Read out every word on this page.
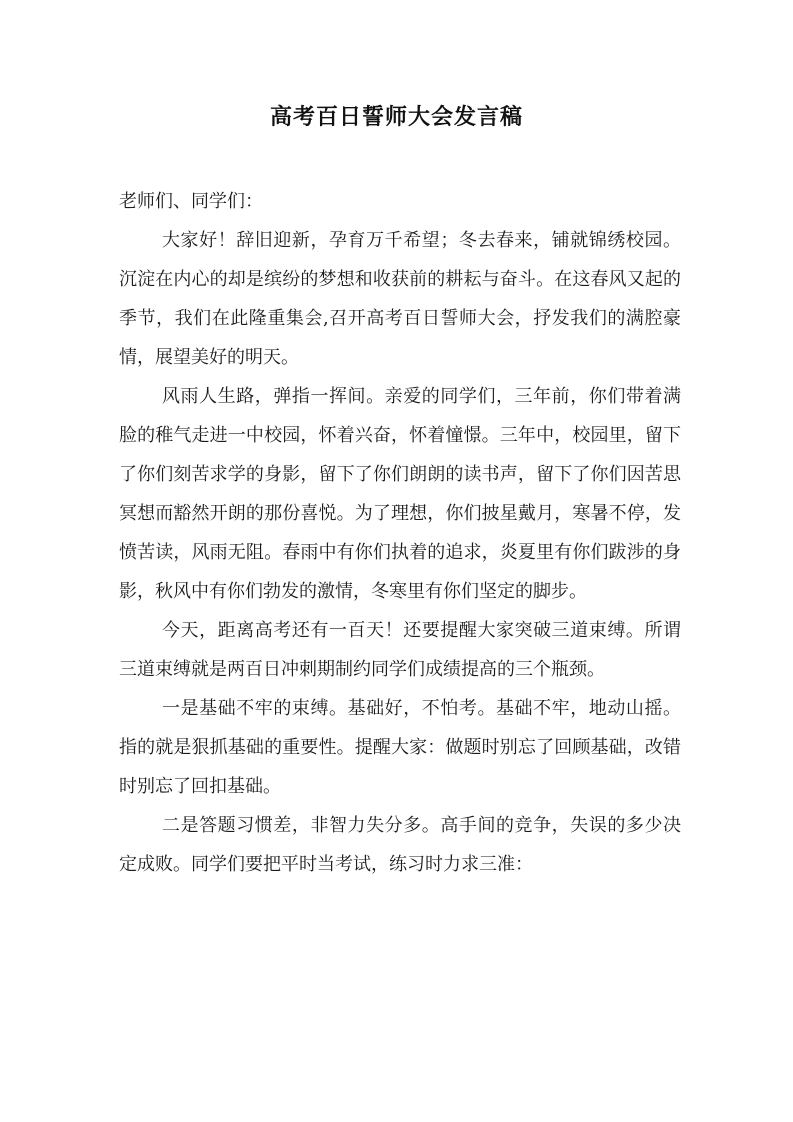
高考百日誓师大会发言稿

老师们、同学们：

大家好！辞旧迎新，孕育万千希望；冬去春来，铺就锦绣校园。沉淀在内心的却是缤纷的梦想和收获前的耕耘与奋斗。在这春风又起的季节，我们在此隆重集会,召开高考百日誓师大会，抒发我们的满腔豪情，展望美好的明天。

风雨人生路，弹指一挥间。亲爱的同学们，三年前，你们带着满脸的稚气走进一中校园，怀着兴奋，怀着憧憬。三年中，校园里，留下了你们刻苦求学的身影，留下了你们朗朗的读书声，留下了你们因苦思冥想而豁然开朗的那份喜悦。为了理想，你们披星戴月，寒暑不停，发愤苦读，风雨无阻。春雨中有你们执着的追求，炎夏里有你们跋涉的身影，秋风中有你们勃发的激情，冬寒里有你们坚定的脚步。

今天，距离高考还有一百天！还要提醒大家突破三道束缚。所谓三道束缚就是两百日冲刺期制约同学们成绩提高的三个瓶颈。

一是基础不牢的束缚。基础好，不怕考。基础不牢，地动山摇。指的就是狠抓基础的重要性。提醒大家：做题时别忘了回顾基础，改错时别忘了回扣基础。

二是答题习惯差，非智力失分多。高手间的竞争，失误的多少决定成败。同学们要把平时当考试，练习时力求三准：
